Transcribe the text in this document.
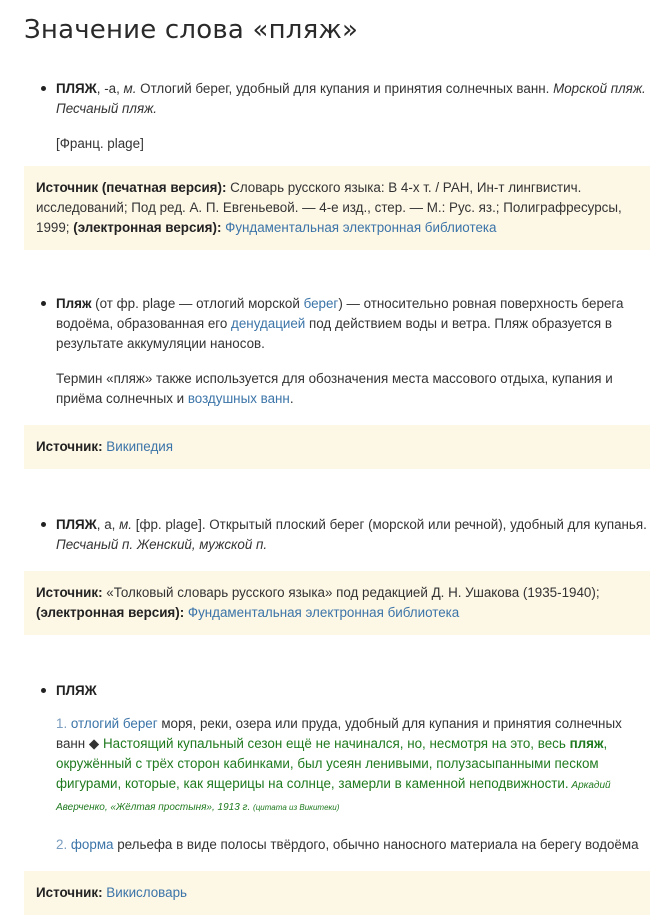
Значение слова «пляж»
ПЛЯЖ, -а, м. Отлогий берег, удобный для купания и принятия солнечных ванн. Морской пляж.
Песчаный пляж.
[Франц. plage]
Источник (печатная версия): Словарь русского языка: В 4-х т. / РАН, Ин-т лингвистич. исследований; Под ред. А. П. Евгеньевой. — 4-е изд., стер. — М.: Рус. яз.; Полиграфресурсы, 1999; (электронная версия): Фундаментальная электронная библиотека
Пляж (от фр. plage — отлогий морской берег) — относительно ровная поверхность берега водоёма, образованная его денудацией под действием воды и ветра. Пляж образуется в результате аккумуляции наносов.
Термин «пляж» также используется для обозначения места массового отдыха, купания и приёма солнечных и воздушных ванн.
Источник: Википедия
ПЛЯЖ, а, м. [фр. plage]. Открытый плоский берег (морской или речной), удобный для купанья.
Песчаный п. Женский, мужской п.
Источник: «Толковый словарь русского языка» под редакцией Д. Н. Ушакова (1935-1940); (электронная версия): Фундаментальная электронная библиотека
ПЛЯЖ
1. отлогий берег моря, реки, озера или пруда, удобный для купания и принятия солнечных ванн ◆ Настоящий купальный сезон ещё не начинался, но, несмотря на это, весь пляж, окружённый с трёх сторон кабинками, был усеян ленивыми, полузасыпанными песком фигурами, которые, как ящерицы на солнце, замерли в каменной неподвижности. Аркадий Аверченко, «Жёлтая простыня», 1913 г. (цитата из Викитеки)
2. форма рельефа в виде полосы твёрдого, обычно наносного материала на берегу водоёма
Источник: Викисловарь
